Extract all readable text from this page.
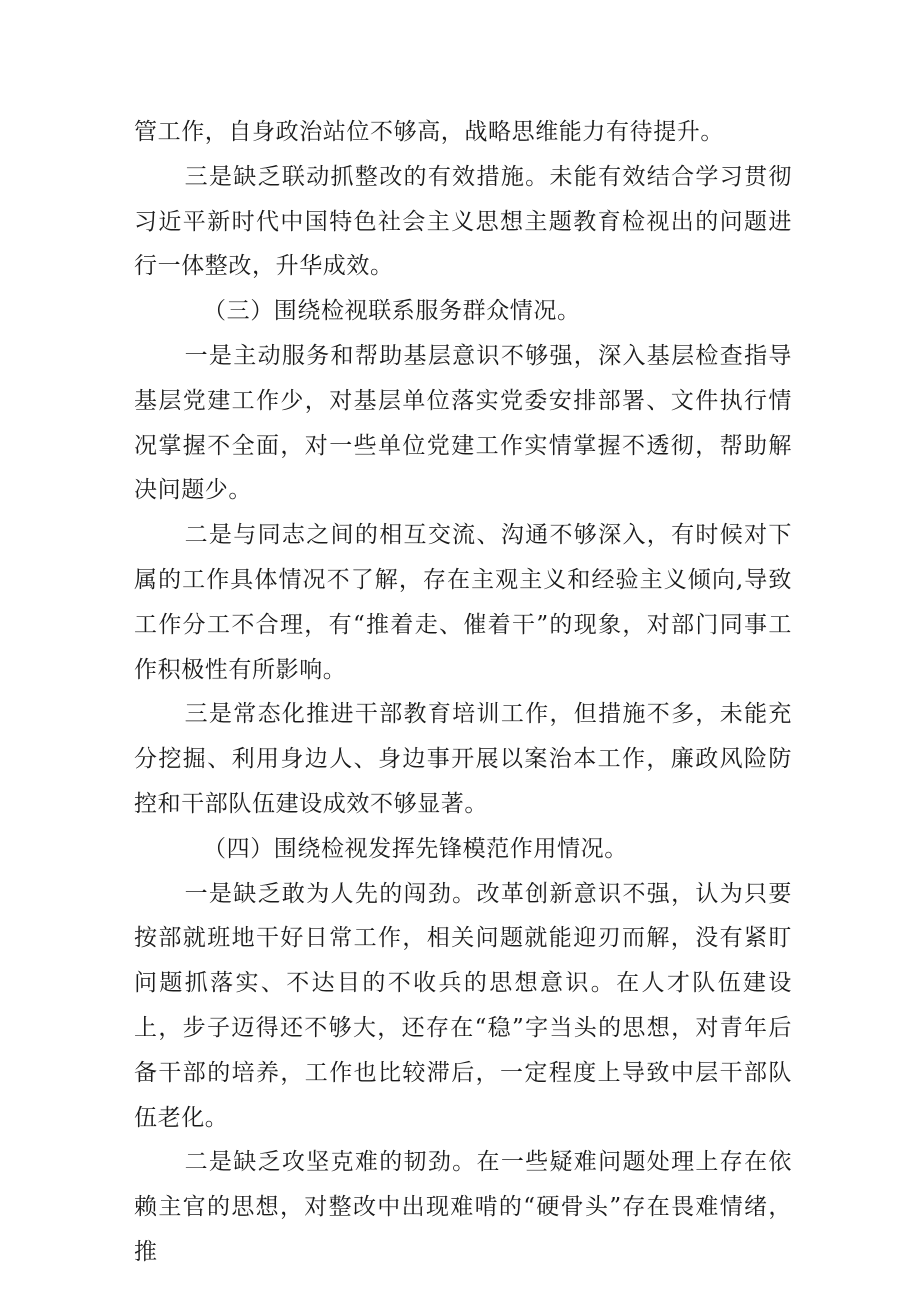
管工作，自身政治站位不够高，战略思维能力有待提升。

三是缺乏联动抓整改的有效措施。未能有效结合学习贯彻习近平新时代中国特色社会主义思想主题教育检视出的问题进行一体整改，升华成效。

（三）围绕检视联系服务群众情况。

一是主动服务和帮助基层意识不够强，深入基层检查指导基层党建工作少，对基层单位落实党委安排部署、文件执行情况掌握不全面，对一些单位党建工作实情掌握不透彻，帮助解决问题少。

二是与同志之间的相互交流、沟通不够深入，有时候对下属的工作具体情况不了解，存在主观主义和经验主义倾向,导致工作分工不合理，有“推着走、催着干”的现象，对部门同事工作积极性有所影响。

三是常态化推进干部教育培训工作，但措施不多，未能充分挖掘、利用身边人、身边事开展以案治本工作，廉政风险防控和干部队伍建设成效不够显著。

（四）围绕检视发挥先锋模范作用情况。

一是缺乏敢为人先的闯劲。改革创新意识不强，认为只要按部就班地干好日常工作，相关问题就能迎刃而解，没有紧盯问题抓落实、不达目的不收兵的思想意识。在人才队伍建设上，步子迈得还不够大，还存在“稳”字当头的思想，对青年后备干部的培养，工作也比较滞后，一定程度上导致中层干部队伍老化。

二是缺乏攻坚克难的韧劲。在一些疑难问题处理上存在依赖主官的思想，对整改中出现难啃的“硬骨头”存在畏难情绪，推
